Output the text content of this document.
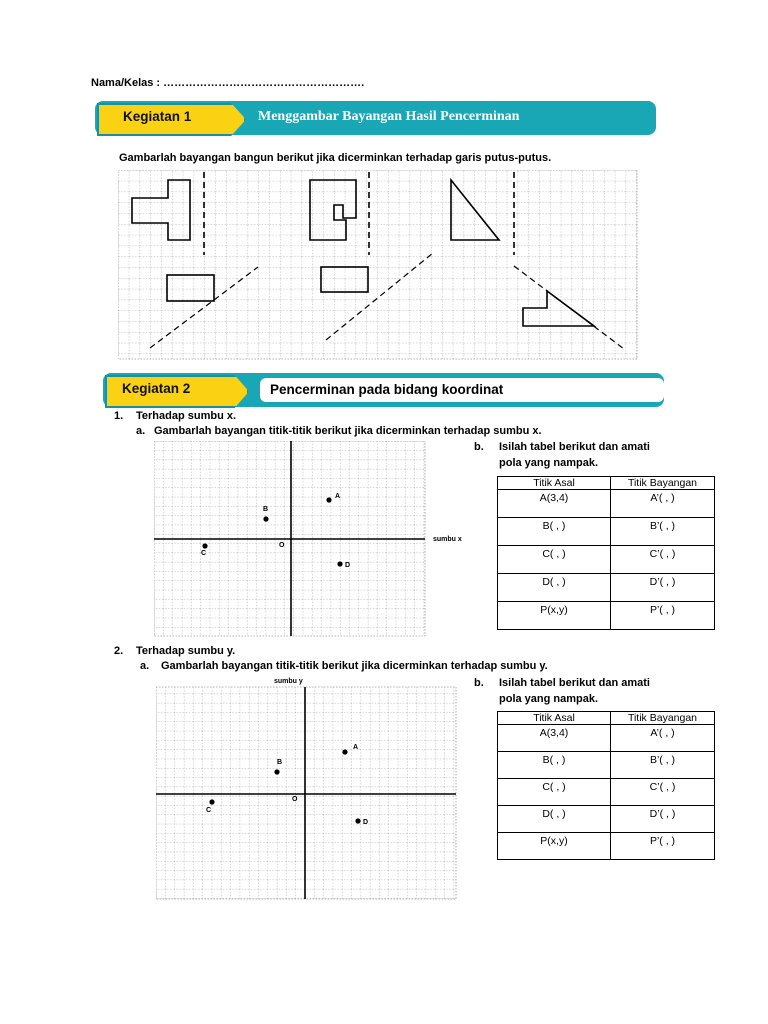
Nama/Kelas : ……………………………………………….
Kegiatan 1	Menggambar Bayangan Hasil Pencerminan
Gambarlah bayangan bangun berikut jika dicerminkan terhadap garis putus-putus.
Kegiatan 2	Pencerminan pada bidang koordinat
1. Terhadap sumbu x.
a. Gambarlah bayangan titik-titik berikut jika dicerminkan terhadap sumbu x.
b. Isilah tabel berikut dan amati
pola yang nampak.
A
B
C
D
O
sumbu x
Titik Asal	Titik Bayangan
A(3,4)	A’( , )
B( , )	B’( , )
C( , )	C’( , )
D( , )	D’( , )
P(x,y)	P’( , )
2. Terhadap sumbu y.
a. Gambarlah bayangan titik-titik berikut jika dicerminkan terhadap sumbu y.
b. Isilah tabel berikut dan amati
pola yang nampak.
A
B
C
D
O
sumbu y
Titik Asal	Titik Bayangan
A(3,4)	A’( , )
B( , )	B’( , )
C( , )	C’( , )
D( , )	D’( , )
P(x,y)	P’( , )
